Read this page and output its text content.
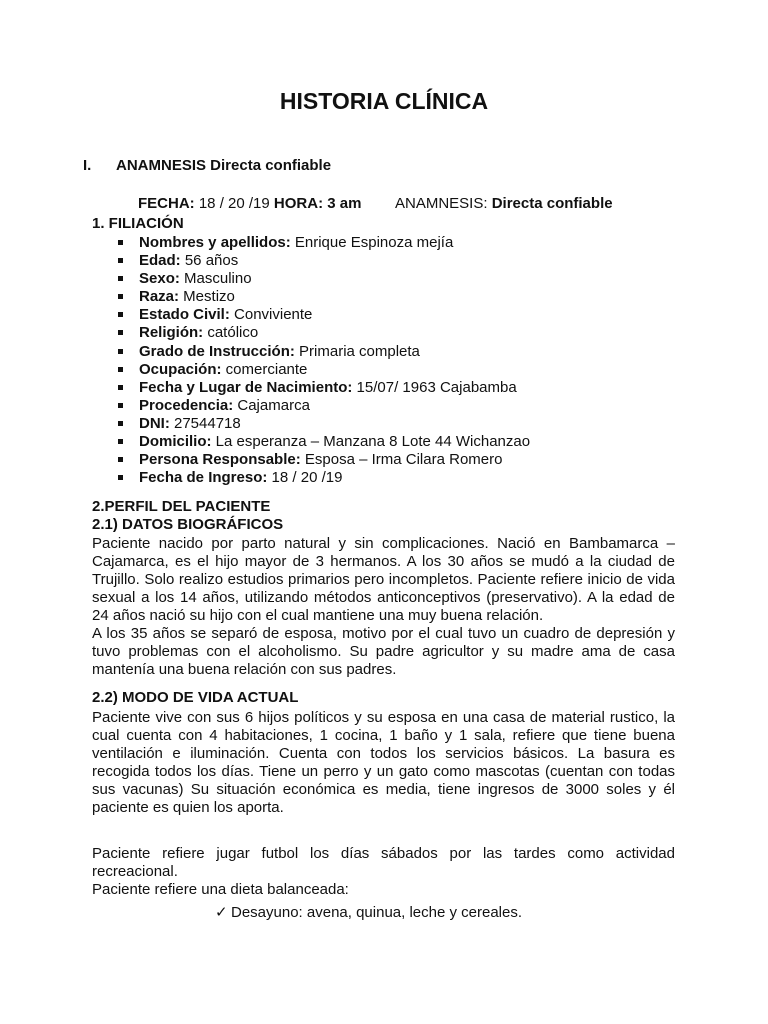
HISTORIA CLÍNICA
I. ANAMNESIS Directa confiable
FECHA: 18 / 20 /19 HORA: 3 am ANAMNESIS: Directa confiable
1. FILIACIÓN
Nombres y apellidos: Enrique Espinoza mejía
Edad: 56 años
Sexo: Masculino
Raza: Mestizo
Estado Civil: Conviviente
Religión: católico
Grado de Instrucción: Primaria completa
Ocupación: comerciante
Fecha y Lugar de Nacimiento: 15/07/ 1963 Cajabamba
Procedencia: Cajamarca
DNI: 27544718
Domicilio: La esperanza – Manzana 8 Lote 44 Wichanzao
Persona Responsable: Esposa – Irma Cilara Romero
Fecha de Ingreso: 18 / 20 /19
2.PERFIL DEL PACIENTE
2.1) DATOS BIOGRÁFICOS

Paciente nacido por parto natural y sin complicaciones. Nació en Bambamarca – Cajamarca, es el hijo mayor de 3 hermanos. A los 30 años se mudó a la ciudad de Trujillo. Solo realizo estudios primarios pero incompletos. Paciente refiere inicio de vida sexual a los 14 años, utilizando métodos anticonceptivos (preservativo). A la edad de 24 años nació su hijo con el cual mantiene una muy buena relación.

A los 35 años se separó de esposa, motivo por el cual tuvo un cuadro de depresión y tuvo problemas con el alcoholismo. Su padre agricultor y su madre ama de casa mantenía una buena relación con sus padres.

2.2) MODO DE VIDA ACTUAL

Paciente vive con sus 6 hijos políticos y su esposa en una casa de material rustico, la cual cuenta con 4 habitaciones, 1 cocina, 1 baño y 1 sala, refiere que tiene buena ventilación e iluminación. Cuenta con todos los servicios básicos. La basura es recogida todos los días. Tiene un perro y un gato como mascotas (cuentan con todas sus vacunas) Su situación económica es media, tiene ingresos de 3000 soles y él paciente es quien los aporta.

Paciente refiere jugar futbol los días sábados por las tardes como actividad recreacional.

Paciente refiere una dieta balanceada:

✓ Desayuno: avena, quinua, leche y cereales.
